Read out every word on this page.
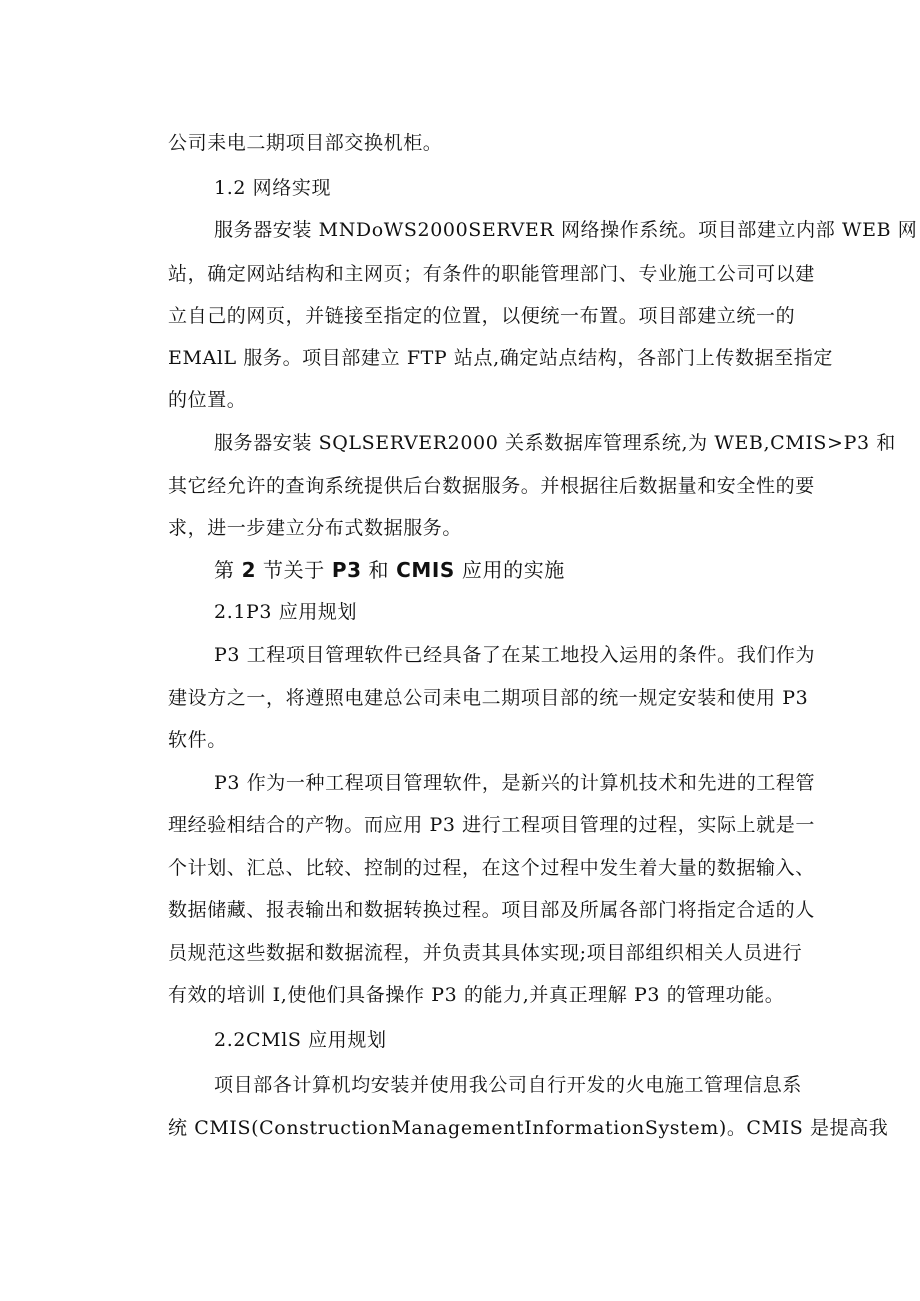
公司耒电二期项目部交换机柜。
1.2 网络实现
服务器安装 MNDoWS2000SERVER 网络操作系统。项目部建立内部 WEB 网
站，确定网站结构和主网页；有条件的职能管理部门、专业施工公司可以建
立自己的网页，并链接至指定的位置，以便统一布置。项目部建立统一的
EMAlL 服务。项目部建立 FTP 站点,确定站点结构，各部门上传数据至指定
的位置。
服务器安装 SQLSERVER2000 关系数据库管理系统,为 WEB,CMIS>P3 和
其它经允许的查询系统提供后台数据服务。并根据往后数据量和安全性的要
求，进一步建立分布式数据服务。
第 2 节关于 P3 和 CMIS 应用的实施
2.1P3 应用规划
P3 工程项目管理软件已经具备了在某工地投入运用的条件。我们作为
建设方之一，将遵照电建总公司耒电二期项目部的统一规定安装和使用 P3
软件。
P3 作为一种工程项目管理软件，是新兴的计算机技术和先进的工程管
理经验相结合的产物。而应用 P3 进行工程项目管理的过程，实际上就是一
个计划、汇总、比较、控制的过程，在这个过程中发生着大量的数据输入、
数据储藏、报表输出和数据转换过程。项目部及所属各部门将指定合适的人
员规范这些数据和数据流程，并负责其具体实现;项目部组织相关人员进行
有效的培训 I,使他们具备操作 P3 的能力,并真正理解 P3 的管理功能。
2.2CMlS 应用规划
项目部各计算机均安装并使用我公司自行开发的火电施工管理信息系
统 CMIS(ConstructionManagementInformationSystem)。CMIS 是提高我
